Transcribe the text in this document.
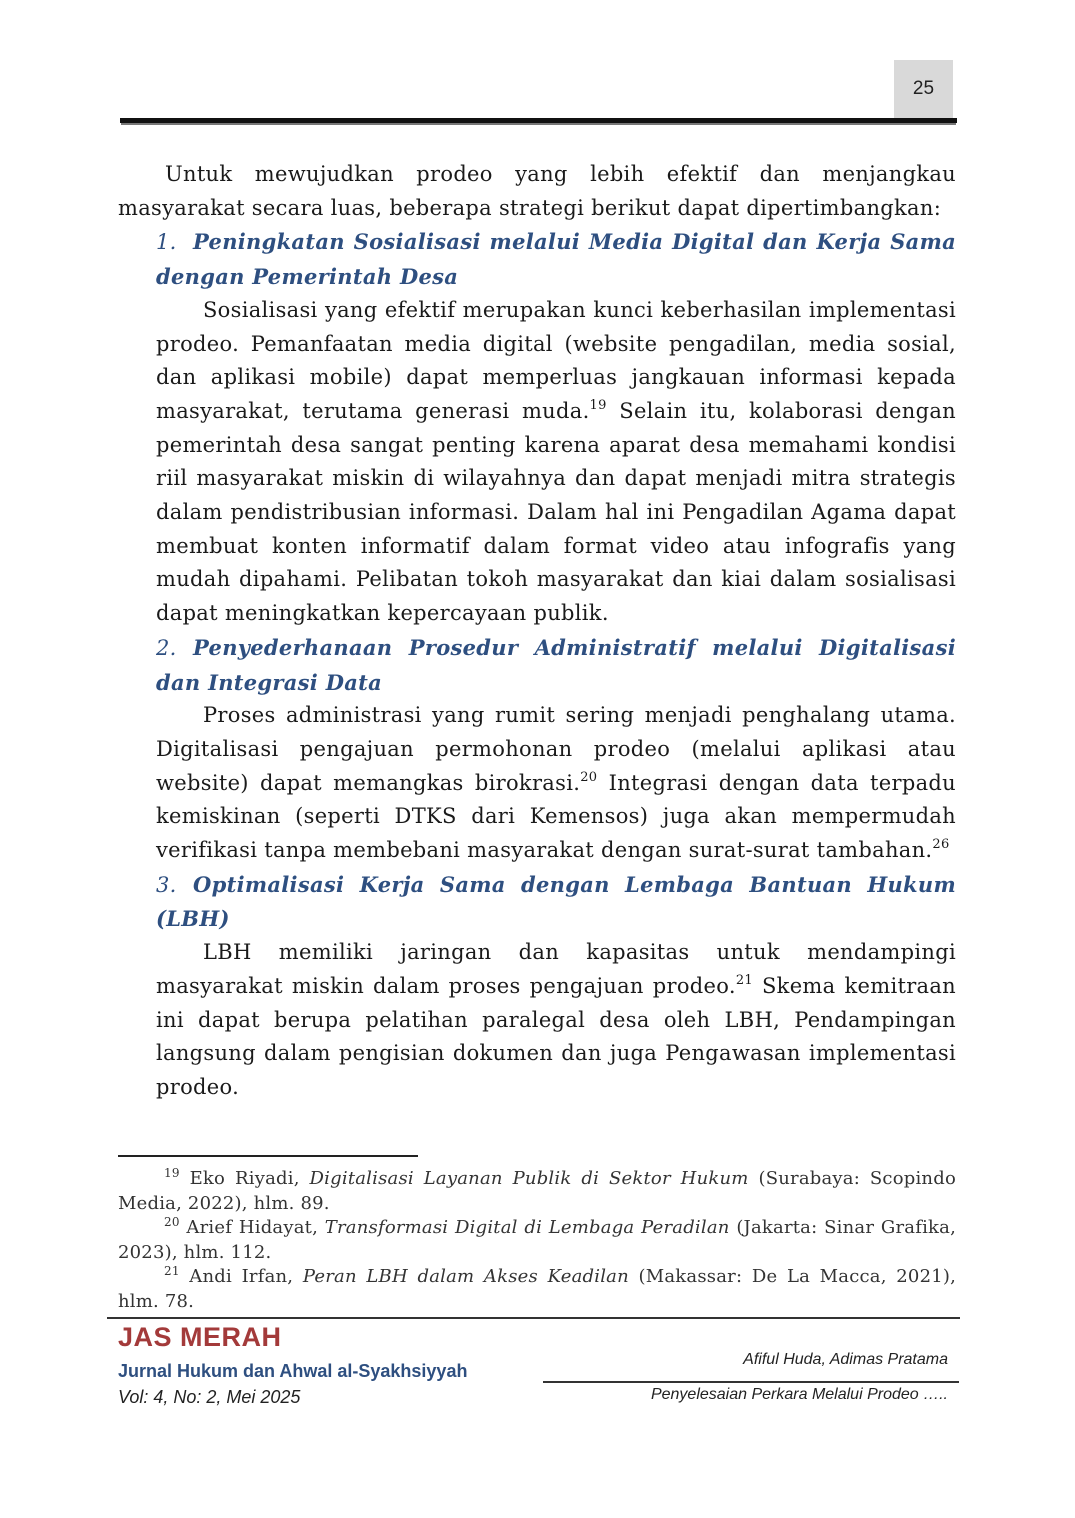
25

Untuk mewujudkan prodeo yang lebih efektif dan menjangkau masyarakat secara luas, beberapa strategi berikut dapat dipertimbangkan:

1. Peningkatan Sosialisasi melalui Media Digital dan Kerja Sama dengan Pemerintah Desa

Sosialisasi yang efektif merupakan kunci keberhasilan implementasi prodeo. Pemanfaatan media digital (website pengadilan, media sosial, dan aplikasi mobile) dapat memperluas jangkauan informasi kepada masyarakat, terutama generasi muda.$^{19}$ Selain itu, kolaborasi dengan pemerintah desa sangat penting karena aparat desa memahami kondisi riil masyarakat miskin di wilayahnya dan dapat menjadi mitra strategis dalam pendistribusian informasi. Dalam hal ini Pengadilan Agama dapat membuat konten informatif dalam format video atau infografis yang mudah dipahami. Pelibatan tokoh masyarakat dan kiai dalam sosialisasi dapat meningkatkan kepercayaan publik.

2. Penyederhanaan Prosedur Administratif melalui Digitalisasi dan Integrasi Data

Proses administrasi yang rumit sering menjadi penghalang utama. Digitalisasi pengajuan permohonan prodeo (melalui aplikasi atau website) dapat memangkas birokrasi.$^{20}$ Integrasi dengan data terpadu kemiskinan (seperti DTKS dari Kemensos) juga akan mempermudah verifikasi tanpa membebani masyarakat dengan surat-surat tambahan.$^{26}$

3. Optimalisasi Kerja Sama dengan Lembaga Bantuan Hukum (LBH)

LBH memiliki jaringan dan kapasitas untuk mendampingi masyarakat miskin dalam proses pengajuan prodeo.$^{21}$ Skema kemitraan ini dapat berupa pelatihan paralegal desa oleh LBH, Pendampingan langsung dalam pengisian dokumen dan juga Pengawasan implementasi prodeo.

$^{19}$ Eko Riyadi, Digitalisasi Layanan Publik di Sektor Hukum (Surabaya: Scopindo Media, 2022), hlm. 89.

$^{20}$ Arief Hidayat, Transformasi Digital di Lembaga Peradilan (Jakarta: Sinar Grafika, 2023), hlm. 112.

$^{21}$ Andi Irfan, Peran LBH dalam Akses Keadilan (Makassar: De La Macca, 2021), hlm. 78.

JAS MERAH

Jurnal Hukum dan Ahwal al-Syakhsiyyah

Vol: 4, No: 2, Mei 2025

Afiful Huda, Adimas Pratama

Penyelesaian Perkara Melalui Prodeo …..
